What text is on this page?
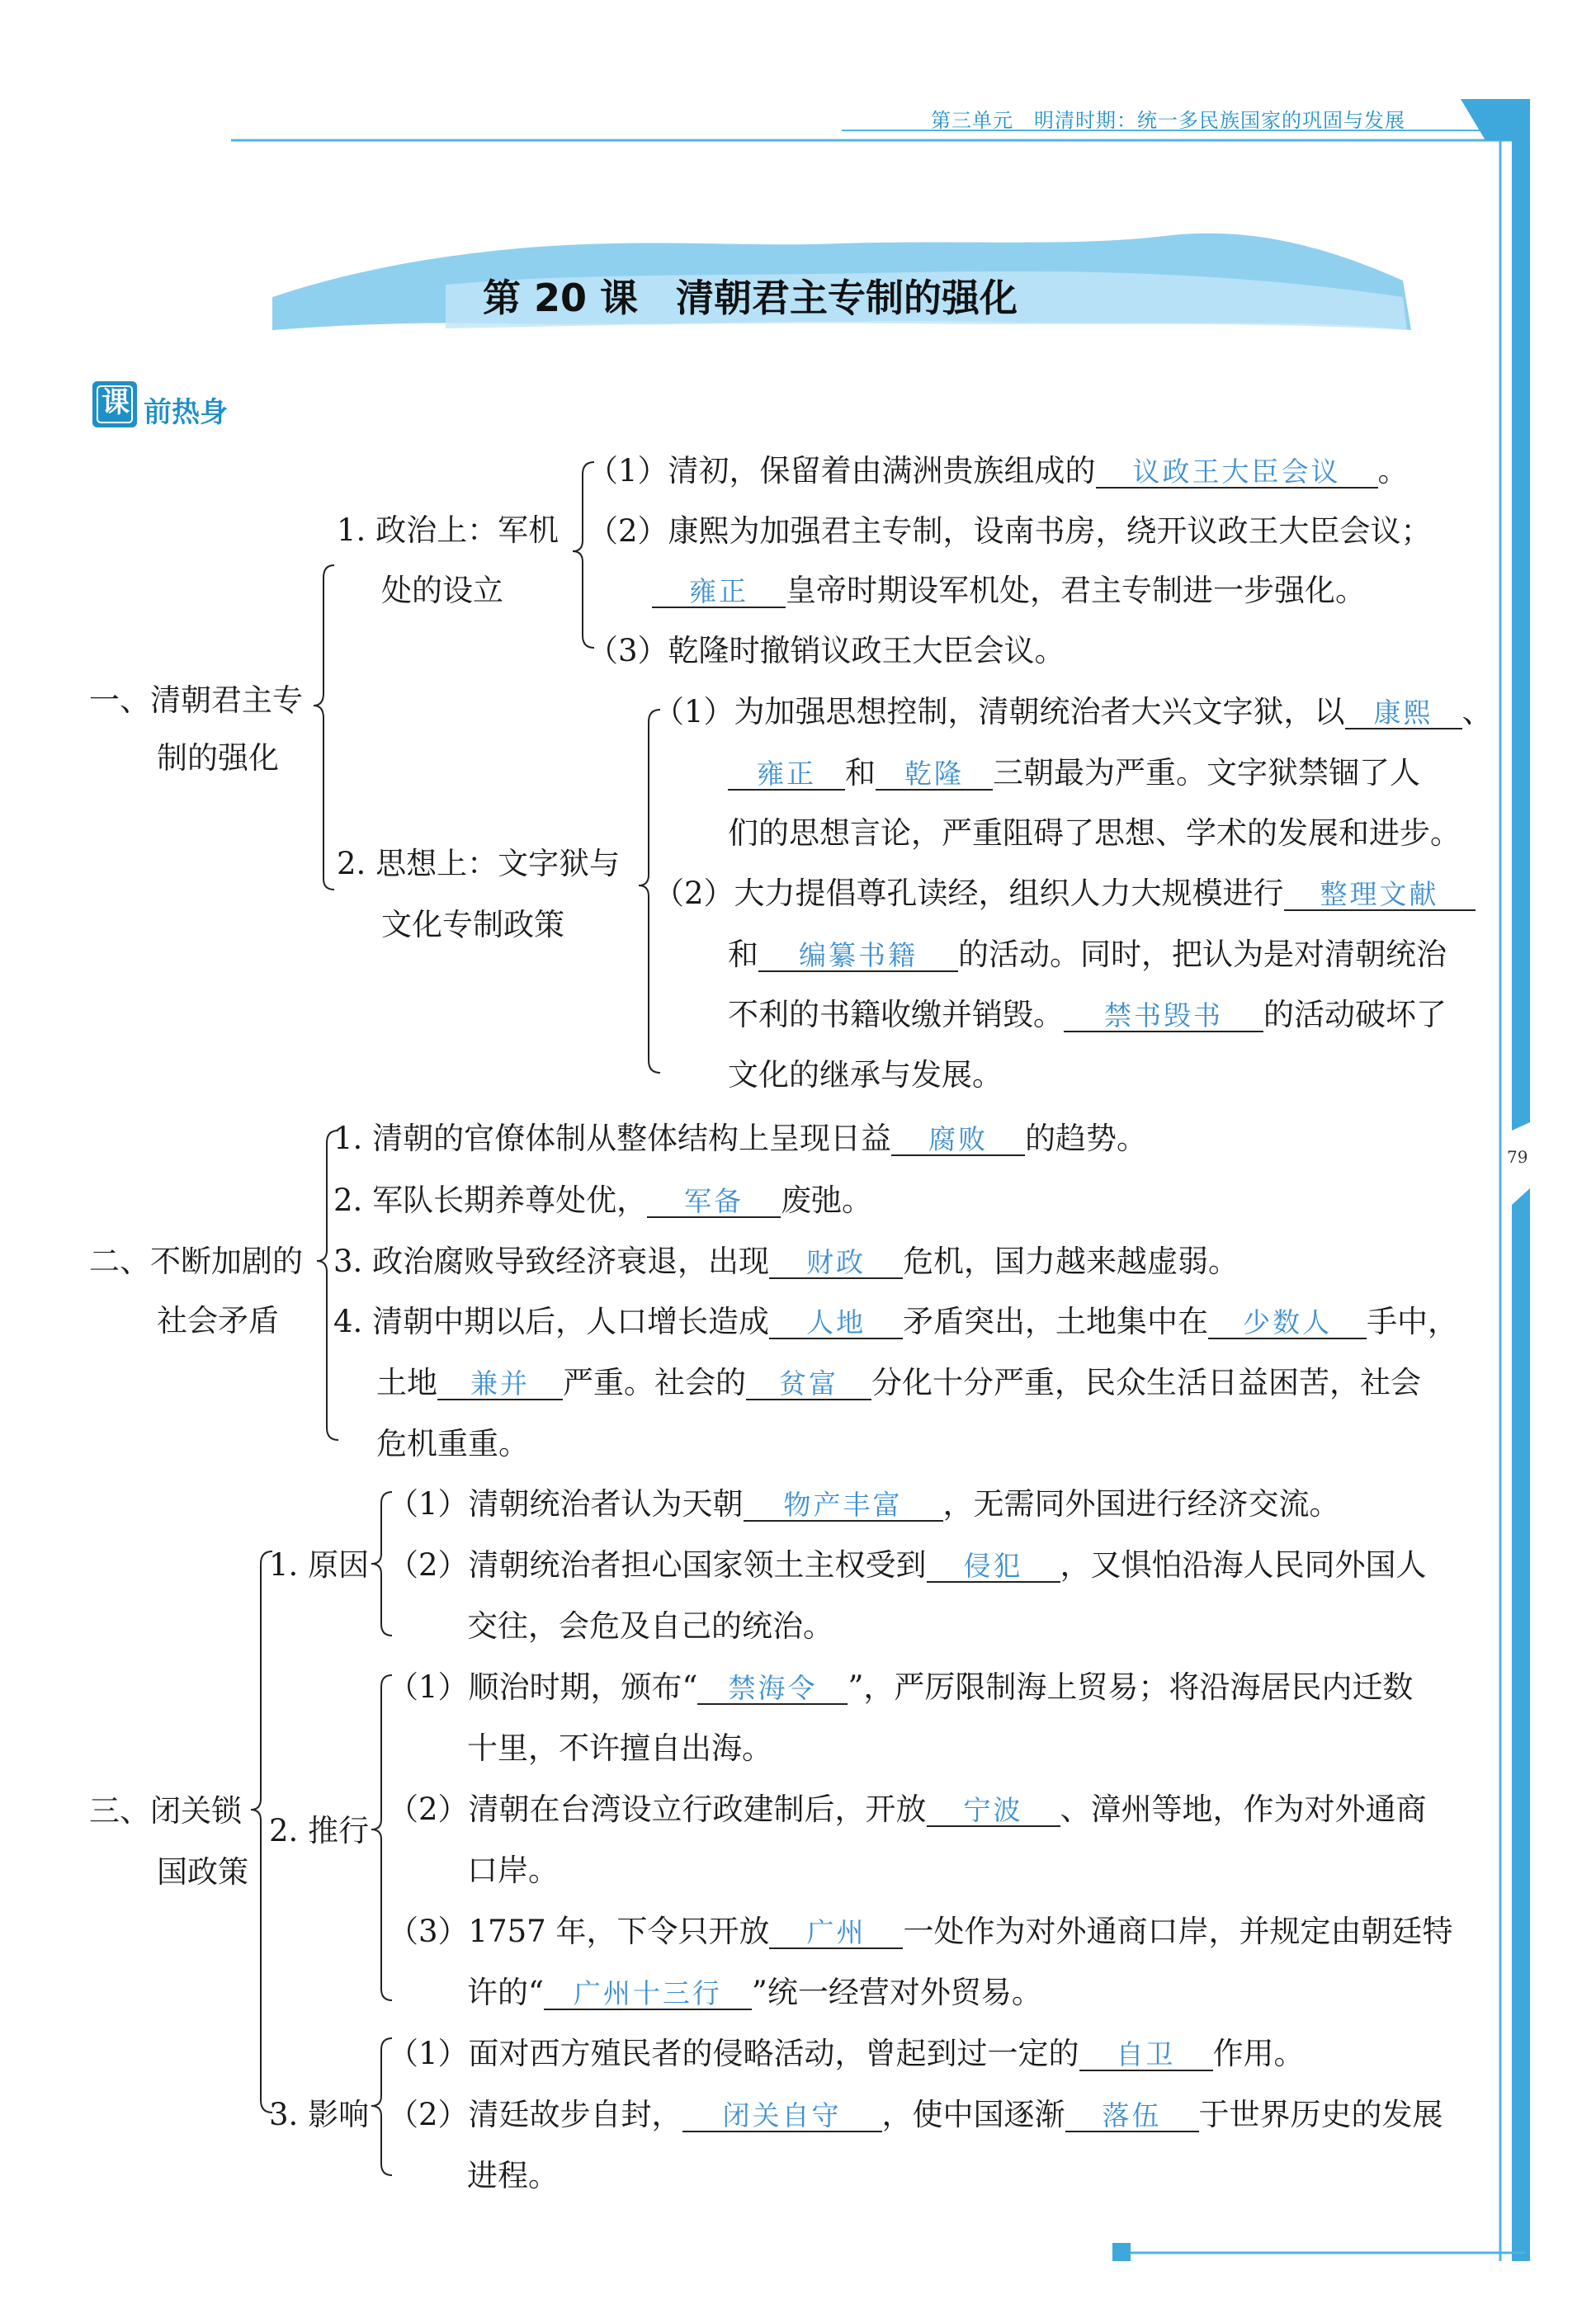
第三单元　明清时期：统一多民族国家的巩固与发展
79
第 20 课　清朝君主专制的强化
课 前热身
一、清朝君主专
制的强化
1. 政治上：军机
处的设立
（1）清初，保留着由满洲贵族组成的 议政王大臣会议 。
（2）康熙为加强君主专制，设南书房，绕开议政王大臣会议；
雍正 皇帝时期设军机处，君主专制进一步强化。
（3）乾隆时撤销议政王大臣会议。
2. 思想上：文字狱与
文化专制政策
（1）为加强思想控制，清朝统治者大兴文字狱，以 康熙 、
雍正 和 乾隆 三朝最为严重。文字狱禁锢了人
们的思想言论，严重阻碍了思想、学术的发展和进步。
（2）大力提倡尊孔读经，组织人力大规模进行 整理文献
和 编纂书籍 的活动。同时，把认为是对清朝统治
不利的书籍收缴并销毁。 禁书毁书 的活动破坏了
文化的继承与发展。
二、不断加剧的
社会矛盾
1. 清朝的官僚体制从整体结构上呈现日益 腐败 的趋势。
2. 军队长期养尊处优， 军备 废弛。
3. 政治腐败导致经济衰退，出现 财政 危机，国力越来越虚弱。
4. 清朝中期以后，人口增长造成 人地 矛盾突出，土地集中在 少数人 手中，
土地 兼并 严重。社会的 贫富 分化十分严重，民众生活日益困苦，社会
危机重重。
三、闭关锁
国政策
1. 原因
（1）清朝统治者认为天朝 物产丰富 ，无需同外国进行经济交流。
（2）清朝统治者担心国家领土主权受到 侵犯 ，又惧怕沿海人民同外国人
交往，会危及自己的统治。
2. 推行
（1）顺治时期，颁布“ 禁海令 ”，严厉限制海上贸易；将沿海居民内迁数
十里，不许擅自出海。
（2）清朝在台湾设立行政建制后，开放 宁波 、漳州等地，作为对外通商
口岸。
（3）1757 年，下令只开放 广州 一处作为对外通商口岸，并规定由朝廷特
许的“ 广州十三行 ”统一经营对外贸易。
3. 影响
（1）面对西方殖民者的侵略活动，曾起到过一定的 自卫 作用。
（2）清廷故步自封， 闭关自守 ，使中国逐渐 落伍 于世界历史的发展
进程。
